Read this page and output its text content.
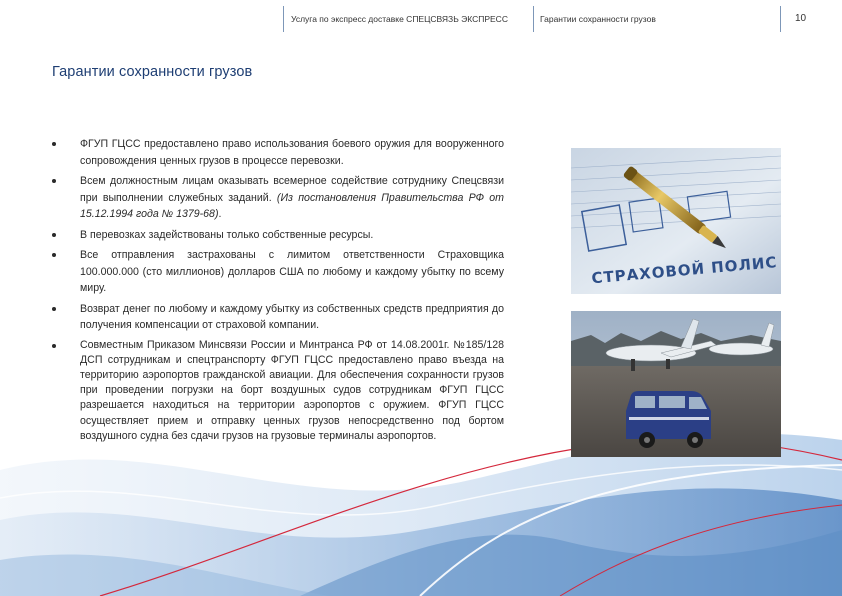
Услуга по экспресс доставке СПЕЦСВЯЗЬ ЭКСПРЕСС	Гарантии сохранности грузов	10
Гарантии сохранности грузов
ФГУП ГЦСС предоставлено право использования боевого оружия для вооруженного сопровождения ценных грузов в процессе перевозки.
Всем должностным лицам оказывать всемерное содействие сотруднику Спецсвязи при выполнении служебных заданий. (Из постановления Правительства РФ от 15.12.1994 года № 1379-68).
В перевозках задействованы только собственные ресурсы.
Все отправления застрахованы с лимитом ответственности Страховщика 100.000.000 (сто миллионов) долларов США по любому и каждому убытку по всему миру.
Возврат денег по любому и каждому убытку из собственных средств предприятия до получения компенсации от страховой компании.
Совместным Приказом Минсвязи России и Минтранса РФ от 14.08.2001г. №185/128 ДСП сотрудникам и спецтранспорту ФГУП ГЦСС предоставлено право въезда на территорию аэропортов гражданской авиации. Для обеспечения сохранности грузов при проведении погрузки на борт воздушных судов сотрудникам ФГУП ГЦСС разрешается находиться на территории аэропортов с оружием. ФГУП ГЦСС осуществляет прием и отправку ценных грузов непосредственно под бортом воздушного судна без сдачи грузов на грузовые терминалы аэропортов.
СТРАХОВОЙ ПОЛИС
